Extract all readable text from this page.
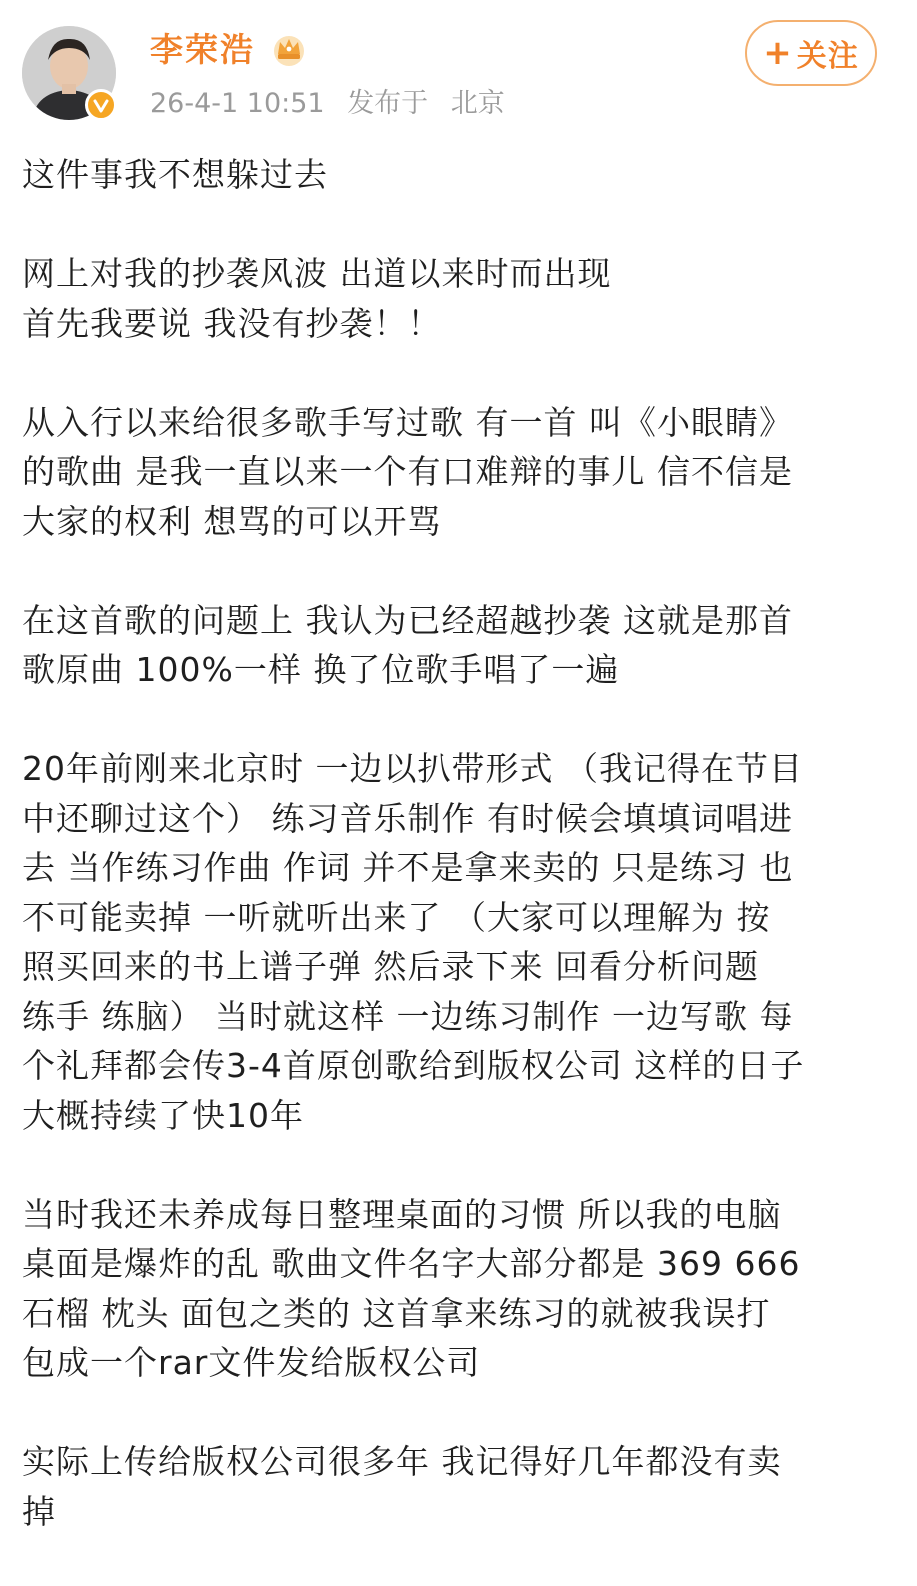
李荣浩
26-4-1 10:51 发布于 北京
+ 关注
这件事我不想躲过去
网上对我的抄袭风波 出道以来时而出现
首先我要说 我没有抄袭！！
从入行以来给很多歌手写过歌 有一首 叫《小眼睛》
的歌曲 是我一直以来一个有口难辩的事儿 信不信是
大家的权利 想骂的可以开骂
在这首歌的问题上 我认为已经超越抄袭 这就是那首
歌原曲 100%一样 换了位歌手唱了一遍
20年前刚来北京时 一边以扒带形式 （我记得在节目
中还聊过这个） 练习音乐制作 有时候会填填词唱进
去 当作练习作曲 作词 并不是拿来卖的 只是练习 也
不可能卖掉 一听就听出来了 （大家可以理解为 按
照买回来的书上谱子弹 然后录下来 回看分析问题
练手 练脑） 当时就这样 一边练习制作 一边写歌 每
个礼拜都会传3-4首原创歌给到版权公司 这样的日子
大概持续了快10年
当时我还未养成每日整理桌面的习惯 所以我的电脑
桌面是爆炸的乱 歌曲文件名字大部分都是 369 666
石榴 枕头 面包之类的 这首拿来练习的就被我误打
包成一个rar文件发给版权公司
实际上传给版权公司很多年 我记得好几年都没有卖
掉
